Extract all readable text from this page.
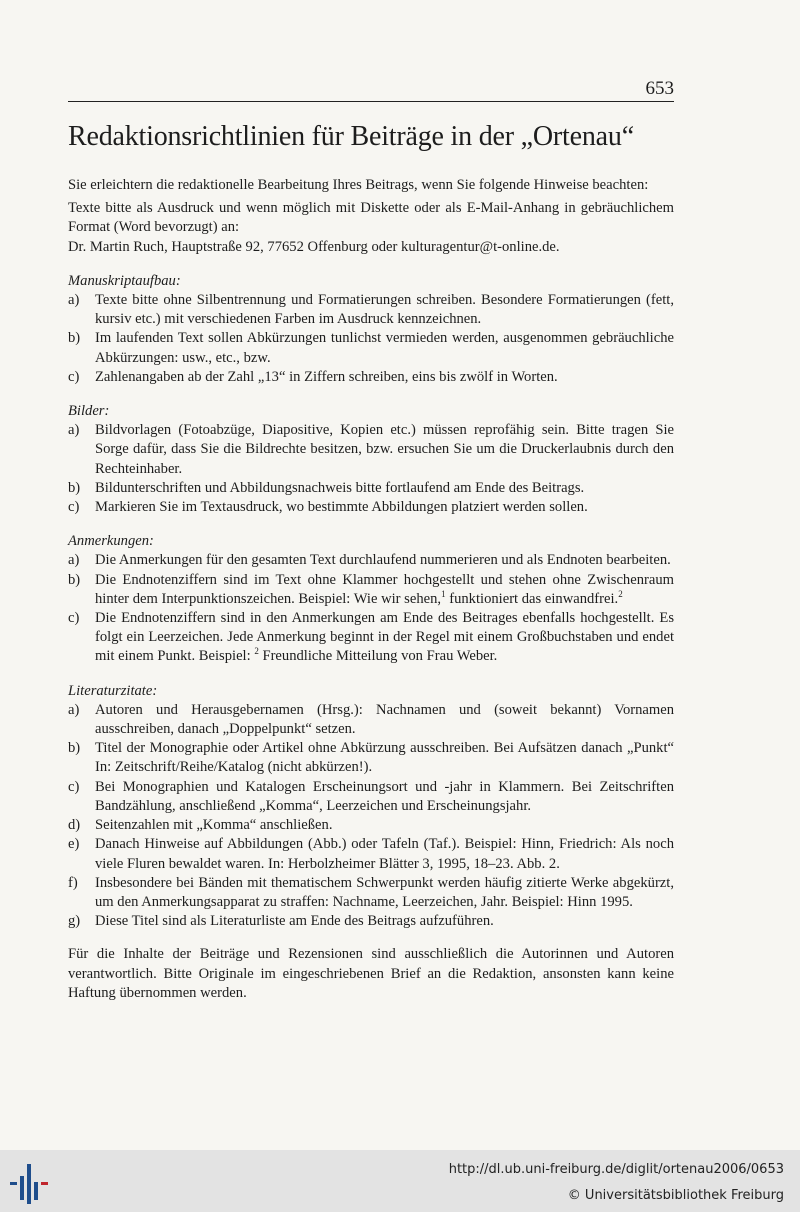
653
Redaktionsrichtlinien für Beiträge in der „Ortenau“

Sie erleichtern die redaktionelle Bearbeitung Ihres Beitrags, wenn Sie folgende Hinweise beachten:

Texte bitte als Ausdruck und wenn möglich mit Diskette oder als E-Mail-Anhang in gebräuchlichem Format (Word bevorzugt) an:

Dr. Martin Ruch, Hauptstraße 92, 77652 Offenburg oder kulturagentur@t-online.de.

Manuskriptaufbau:

a) Texte bitte ohne Silbentrennung und Formatierungen schreiben. Besondere Formatierungen (fett, kursiv etc.) mit verschiedenen Farben im Ausdruck kennzeichnen.
b) Im laufenden Text sollen Abkürzungen tunlichst vermieden werden, ausgenommen gebräuchliche Abkürzungen: usw., etc., bzw.
c) Zahlenangaben ab der Zahl „13“ in Ziffern schreiben, eins bis zwölf in Worten.

Bilder:

a) Bildvorlagen (Fotoabzüge, Diapositive, Kopien etc.) müssen reprofähig sein. Bitte tragen Sie Sorge dafür, dass Sie die Bildrechte besitzen, bzw. ersuchen Sie um die Druckerlaubnis durch den Rechteinhaber.
b) Bildunterschriften und Abbildungsnachweis bitte fortlaufend am Ende des Beitrags.
c) Markieren Sie im Textausdruck, wo bestimmte Abbildungen platziert werden sollen.

Anmerkungen:

a) Die Anmerkungen für den gesamten Text durchlaufend nummerieren und als Endnoten bearbeiten.
b) Die Endnotenziffern sind im Text ohne Klammer hochgestellt und stehen ohne Zwischenraum hinter dem Interpunktionszeichen. Beispiel: Wie wir sehen,$^1$ funktioniert das einwandfrei.$^2$
c) Die Endnotenziffern sind in den Anmerkungen am Ende des Beitrages ebenfalls hochgestellt. Es folgt ein Leerzeichen. Jede Anmerkung beginnt in der Regel mit einem Großbuchstaben und endet mit einem Punkt. Beispiel: $^2$ Freundliche Mitteilung von Frau Weber.

Literaturzitate:

a) Autoren und Herausgebernamen (Hrsg.): Nachnamen und (soweit bekannt) Vornamen ausschreiben, danach „Doppelpunkt“ setzen.
b) Titel der Monographie oder Artikel ohne Abkürzung ausschreiben. Bei Aufsätzen danach „Punkt“ In: Zeitschrift/Reihe/Katalog (nicht abkürzen!).
c) Bei Monographien und Katalogen Erscheinungsort und -jahr in Klammern. Bei Zeitschriften Bandzählung, anschließend „Komma“, Leerzeichen und Erscheinungsjahr.
d) Seitenzahlen mit „Komma“ anschließen.
e) Danach Hinweise auf Abbildungen (Abb.) oder Tafeln (Taf.). Beispiel: Hinn, Friedrich: Als noch viele Fluren bewaldet waren. In: Herbolzheimer Blätter 3, 1995, 18–23. Abb. 2.
f) Insbesondere bei Bänden mit thematischem Schwerpunkt werden häufig zitierte Werke abgekürzt, um den Anmerkungsapparat zu straffen: Nachname, Leerzeichen, Jahr. Beispiel: Hinn 1995.
g) Diese Titel sind als Literaturliste am Ende des Beitrags aufzuführen.

Für die Inhalte der Beiträge und Rezensionen sind ausschließlich die Autorinnen und Autoren verantwortlich. Bitte Originale im eingeschriebenen Brief an die Redaktion, ansonsten kann keine Haftung übernommen werden.

http://dl.ub.uni-freiburg.de/diglit/ortenau2006/0653
© Universitätsbibliothek Freiburg
